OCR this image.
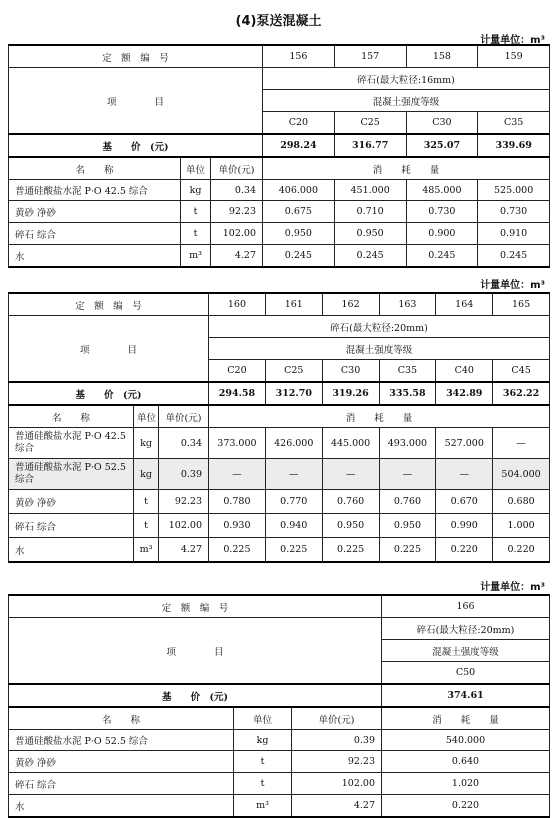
(4)泵送混凝土
计量单位：m³
定　额　编　号			156	157	158	159
项　　　　目			碎石(最大粒径:16mm)			
			混凝土强度等级			
			C20	C25	C30	C35
基　　价　(元)			298.24	316.77	325.07	339.69
名　　称	单位	单价(元)	消　　耗　　量			
普通硅酸盐水泥 P·O 42.5 综合	kg	0.34	406.000	451.000	485.000	525.000
黄砂 净砂	t	92.23	0.675	0.710	0.730	0.730
碎石 综合	t	102.00	0.950	0.950	0.900	0.910
水	m³	4.27	0.245	0.245	0.245	0.245
计量单位：m³
定　额　编　号			160	161	162	163	164	165
项　　　　目			碎石(最大粒径:20mm)					
			混凝土强度等级					
			C20	C25	C30	C35	C40	C45
基　　价　(元)			294.58	312.70	319.26	335.58	342.89	362.22
名　　称	单位	单价(元)	消　　耗　　量					
普通硅酸盐水泥 P·O 42.5 综合	kg	0.34	373.000	426.000	445.000	493.000	527.000	—
普通硅酸盐水泥 P·O 52.5 综合	kg	0.39	—	—	—	—	—	504.000
黄砂 净砂	t	92.23	0.780	0.770	0.760	0.760	0.670	0.680
碎石 综合	t	102.00	0.930	0.940	0.950	0.950	0.990	1.000
水	m³	4.27	0.225	0.225	0.225	0.225	0.220	0.220
计量单位：m³
定　额　编　号			166
项　　　　目			碎石(最大粒径:20mm)
			混凝土强度等级
			C50
基　　价　(元)			374.61
名　　称	单位	单价(元)	消　　耗　　量
普通硅酸盐水泥 P·O 52.5 综合	kg	0.39	540.000
黄砂 净砂	t	92.23	0.640
碎石 综合	t	102.00	1.020
水	m³	4.27	0.220
